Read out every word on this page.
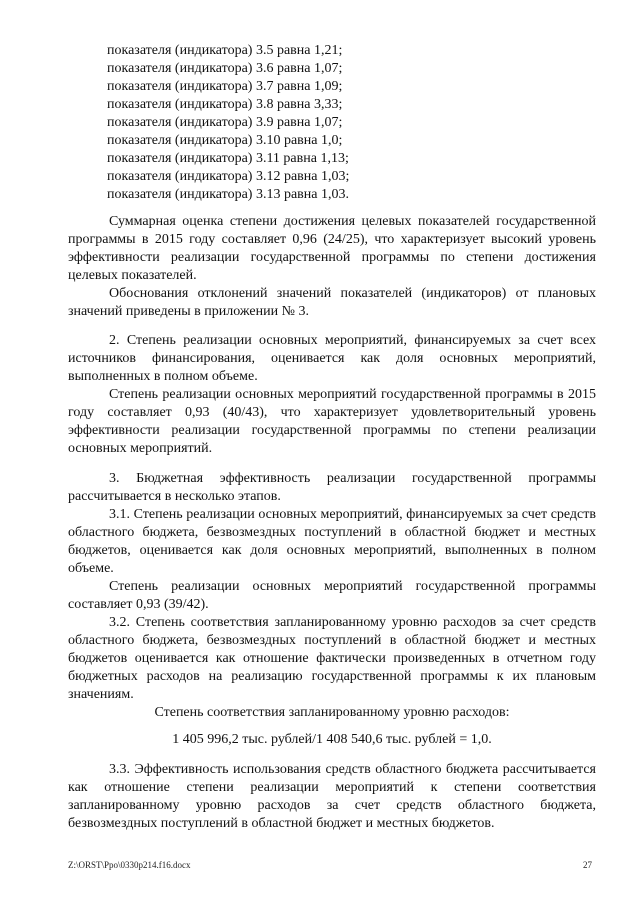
показателя (индикатора) 3.5 равна 1,21;
показателя (индикатора) 3.6 равна 1,07;
показателя (индикатора) 3.7 равна 1,09;
показателя (индикатора) 3.8 равна 3,33;
показателя (индикатора) 3.9 равна 1,07;
показателя (индикатора) 3.10 равна 1,0;
показателя (индикатора) 3.11 равна 1,13;
показателя (индикатора) 3.12 равна 1,03;
показателя (индикатора) 3.13 равна 1,03.

Суммарная оценка степени достижения целевых показателей государственной программы в 2015 году составляет 0,96 (24/25), что характеризует высокий уровень эффективности реализации государственной программы по степени достижения целевых показателей.

Обоснования отклонений значений показателей (индикаторов) от плановых значений приведены в приложении № 3.

2. Степень реализации основных мероприятий, финансируемых за счет всех источников финансирования, оценивается как доля основных мероприятий, выполненных в полном объеме.

Степень реализации основных мероприятий государственной программы в 2015 году составляет 0,93 (40/43), что характеризует удовлетворительный уровень эффективности реализации государственной программы по степени реализации основных мероприятий.

3. Бюджетная эффективность реализации государственной программы рассчитывается в несколько этапов.

3.1. Степень реализации основных мероприятий, финансируемых за счет средств областного бюджета, безвозмездных поступлений в областной бюджет и местных бюджетов, оценивается как доля основных мероприятий, выполненных в полном объеме.

Степень реализации основных мероприятий государственной программы составляет 0,93 (39/42).

3.2. Степень соответствия запланированному уровню расходов за счет средств областного бюджета, безвозмездных поступлений в областной бюджет и местных бюджетов оценивается как отношение фактически произведенных в отчетном году бюджетных расходов на реализацию государственной программы к их плановым значениям.

Степень соответствия запланированному уровню расходов:

1 405 996,2 тыс. рублей/1 408 540,6 тыс. рублей = 1,0.

3.3. Эффективность использования средств областного бюджета рассчитывается как отношение степени реализации мероприятий к степени соответствия запланированному уровню расходов за счет средств областного бюджета, безвозмездных поступлений в областной бюджет и местных бюджетов.

Z:\ORST\Ppo\0330p214.f16.docx	27
